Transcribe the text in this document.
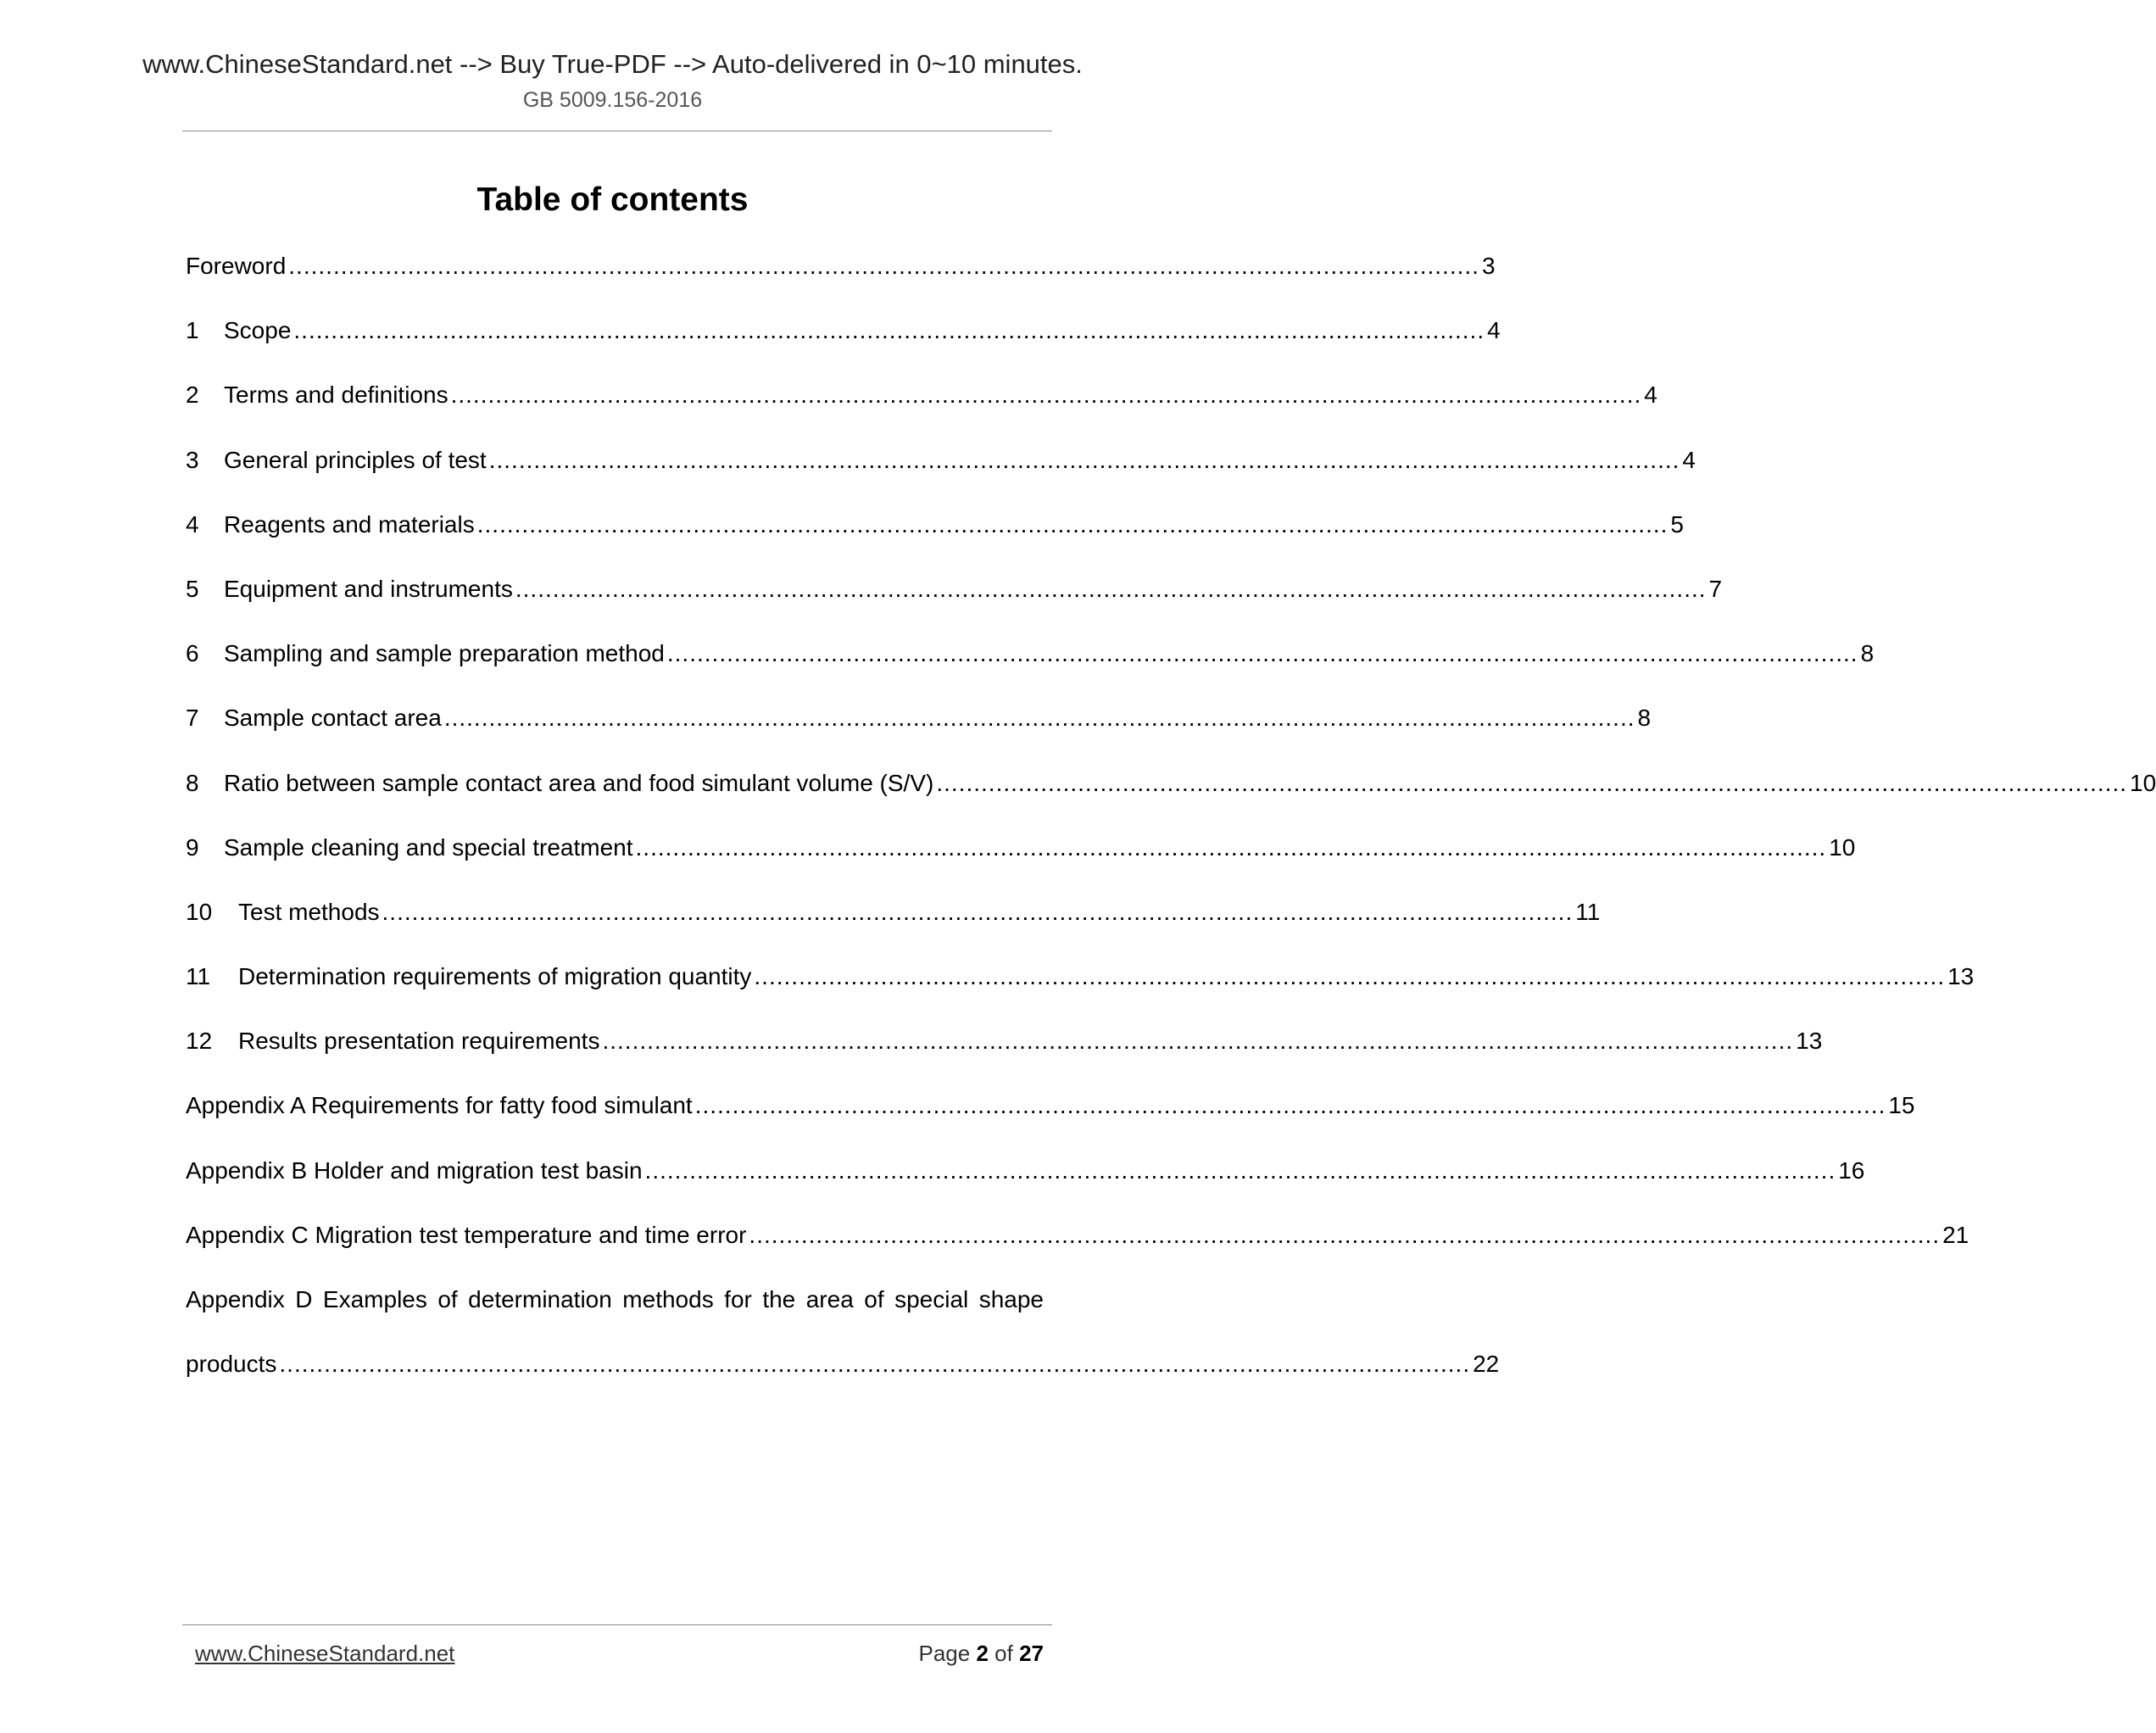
www.ChineseStandard.net --> Buy True-PDF --> Auto-delivered in 0~10 minutes.
GB 5009.156-2016
Table of contents
Foreword ................................................................................................................................................................ 3
1	Scope ................................................................................................................................................................ 4
2	Terms and definitions ................................................................................................................................................................ 4
3	General principles of test ................................................................................................................................................................ 4
4	Reagents and materials ................................................................................................................................................................ 5
5	Equipment and instruments ................................................................................................................................................................ 7
6	Sampling and sample preparation method ................................................................................................................................................................ 8
7	Sample contact area ................................................................................................................................................................ 8
8	Ratio between sample contact area and food simulant volume (S/V) ................................................................................................................................................................ 10
9	Sample cleaning and special treatment ................................................................................................................................................................ 10
10	Test methods ................................................................................................................................................................ 11
11	Determination requirements of migration quantity ................................................................................................................................................................ 13
12	Results presentation requirements ................................................................................................................................................................ 13
Appendix A Requirements for fatty food simulant ................................................................................................................................................................ 15
Appendix B Holder and migration test basin ................................................................................................................................................................ 16
Appendix C Migration test temperature and time error ................................................................................................................................................................ 21
Appendix D Examples of determination methods for the area of special shape
products ................................................................................................................................................................ 22
www.ChineseStandard.net	Page 2 of 27
